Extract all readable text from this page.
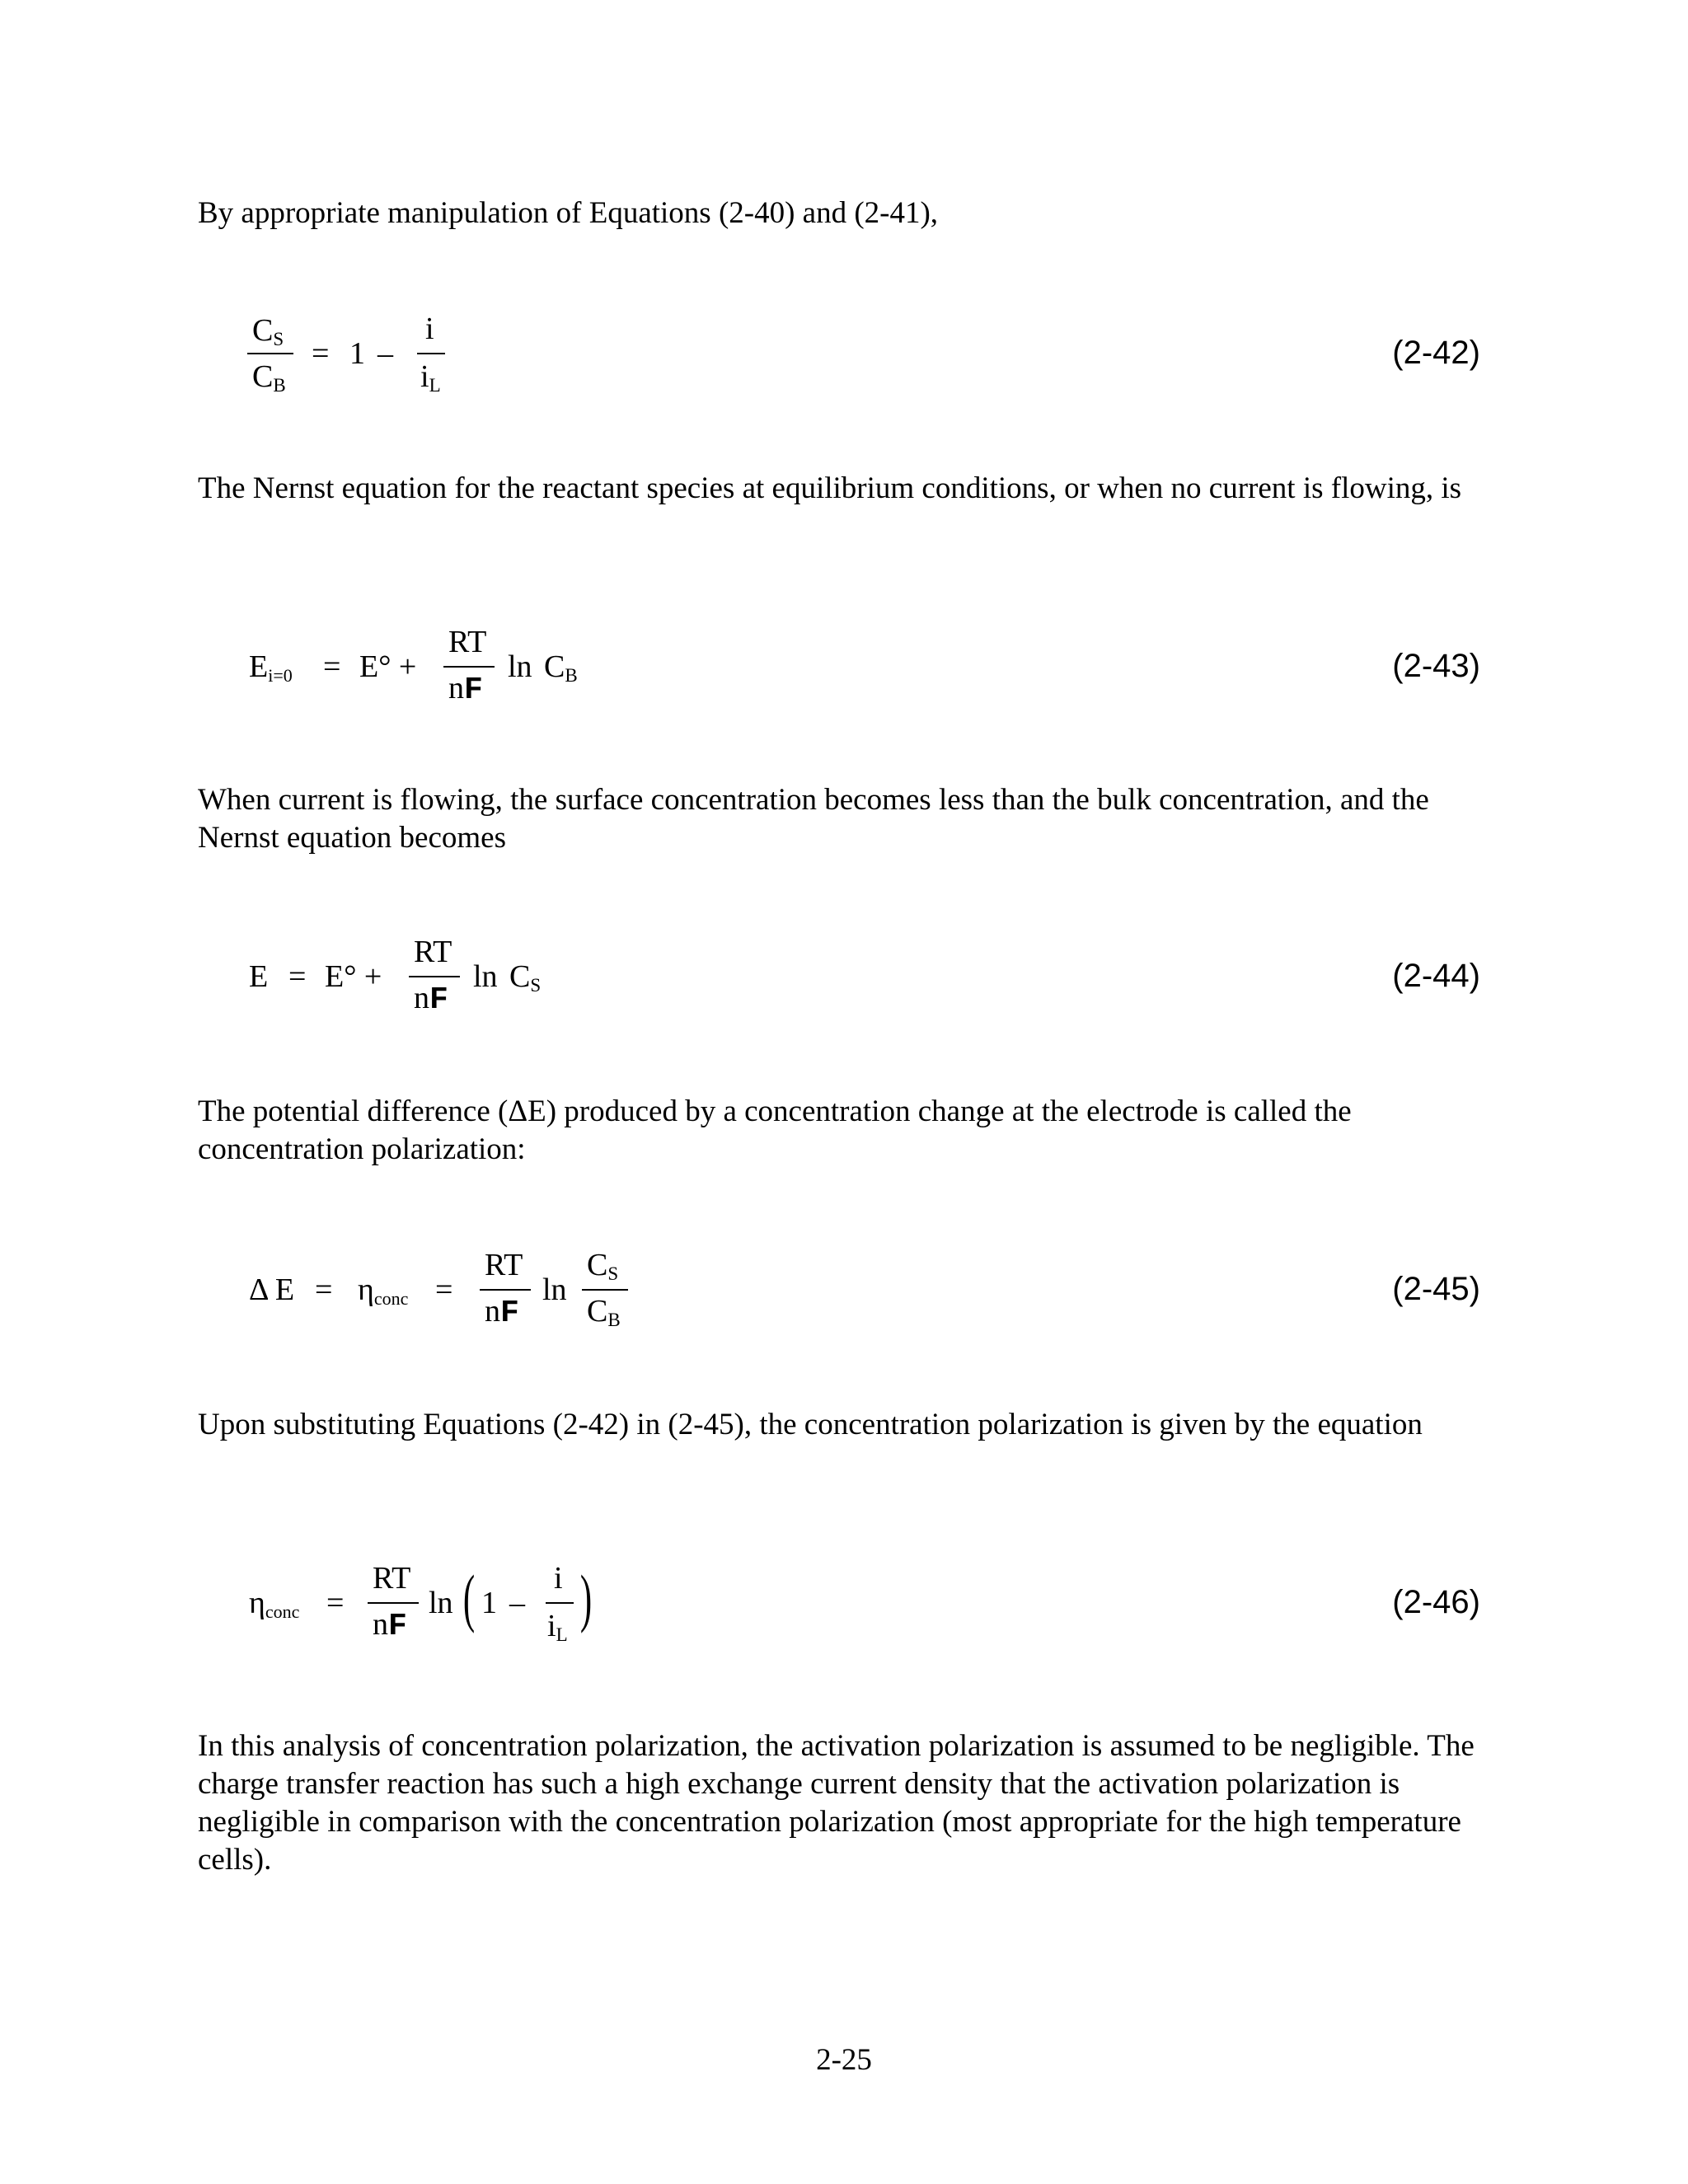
By appropriate manipulation of Equations (2-40) and (2-41),
$C_S$
$C_B$
= 1 –
i
$i_L$
(2-42)
The Nernst equation for the reactant species at equilibrium conditions, or when no current is flowing, is
$E_{i=0} = E^\circ$ +
RT
nF
$\ln C_B$	(2-43)
When current is flowing, the surface concentration becomes less than the bulk concentration, and the Nernst equation becomes
E = E° +
RT
nF
$\ln C_S$	(2-44)
The potential difference (ΔE) produced by a concentration change at the electrode is called the concentration polarization:
Δ $E = \eta_{conc}$ =
RT
nF
ln
$C_S$
$C_B$
(2-45)
Upon substituting Equations (2-42) in (2-45), the concentration polarization is given by the equation
$\eta_{conc}$ =
RT
nF
ln ( 1 –
i
$i_L$
)	(2-46)
In this analysis of concentration polarization, the activation polarization is assumed to be negligible. The charge transfer reaction has such a high exchange current density that the activation polarization is negligible in comparison with the concentration polarization (most appropriate for the high temperature cells).
2-25
